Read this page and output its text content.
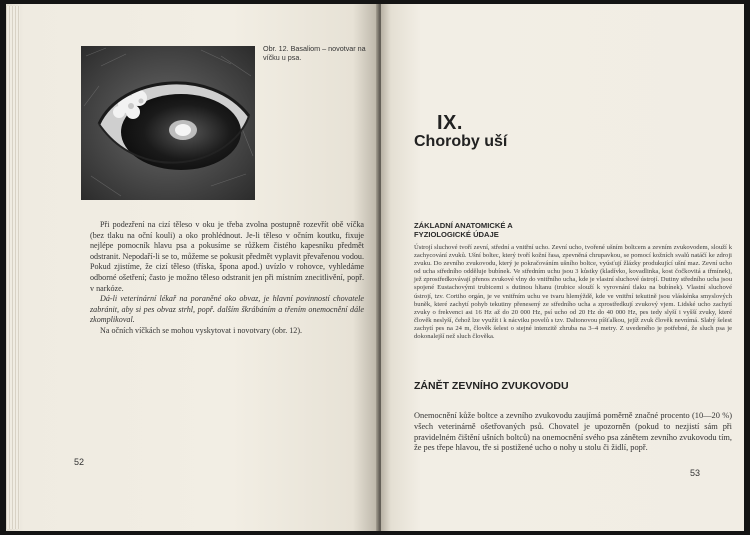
Obr. 12. Basaliom – novotvar na víčku u psa.

Při podezření na cizí těleso v oku je třeba zvolna postupně rozevřít obě víčka (bez tlaku na oční kouli) a oko prohlédnout. Je-li těleso v očním koutku, fixuje nejlépe pomocník hlavu psa a pokusíme se růžkem čistého kapesníku předmět odstranit. Nepodaří-li se to, můžeme se pokusit předmět vyplavit převařenou vodou. Pokud zjistíme, že cizí těleso (tříska, špona apod.) uvízlo v rohovce, vyhledáme odborné ošetření; často je možno těleso odstranit jen při místním znecitlivění, popř. v narkóze.

Dá-li veterinární lékař na poraněné oko obvaz, je hlavní povinností chovatele zabránit, aby si pes obvaz strhl, popř. dalším škrábáním a třením onemocnění dále zkomplikoval.

Na očních víčkách se mohou vyskytovat i novotvary (obr. 12).

52
IX.
Choroby uší
ZÁKLADNÍ ANATOMICKÉ A FYZIOLOGICKÉ ÚDAJE

Ústrojí sluchové tvoří zevní, střední a vnitřní ucho. Zevní ucho, tvořené ušním boltcem a zevním zvukovodem, slouží k zachycování zvuků. Ušní boltec, který tvoří kožní řasa, zpevněná chrupavkou, se pomocí kožních svalů natáčí ke zdroji zvuku. Do zevního zvukovodu, který je pokračováním ušního boltce, vyúsťují žlázky produkující ušní maz. Zevní ucho od ucha středního odděluje bubínek. Ve středním uchu jsou 3 kůstky (kladívko, kovadlinka, kost čočkovitá a třmínek), jež zprostředkovávají přenos zvukové vlny do vnitřního ucha, kde je vlastní sluchové ústrojí. Dutiny středního ucha jsou spojené Eustachovými trubicemi s dutinou hltanu (trubice slouží k vyrovnání tlaku na bubínek). Vlastní sluchové ústrojí, tzv. Cortiho orgán, je ve vnitřním uchu ve tvaru hlemýždě, kde ve vnitřní tekutině jsou vláskénka smyslových buněk, které zachytí pohyb tekutiny přenesený ze středního ucha a zprostředkují zvukový vjem. Lidské ucho zachytí zvuky o frekvenci asi 16 Hz až do 20 000 Hz, psí ucho od 20 Hz do 40 000 Hz, pes tedy slyší i vyšší zvuky, které člověk neslyší, čehož lze využít i k nácviku povelů s tzv. Daltonovou píšťalkou, jejíž zvuk člověk nevnímá. Slabý šelest zachytí pes na 24 m, člověk šelest o stejné intenzitě zhruba na 3–4 metry. Z uvedeného je potřebné, že sluch psa je dokonalejší než sluch člověka.

ZÁNĚT ZEVNÍHO ZVUKOVODU

Onemocnění kůže boltce a zevního zvukovodu zaujímá poměrně značné procento (10—20 %) všech veterinárně ošetřovaných psů. Chovatel je upozorněn (pokud to nezjistí sám při pravidelném čištění ušních boltců) na onemocnění svého psa zánětem zevního zvukovodu tím, že pes třepe hlavou, tře si postižené ucho o nohy u stolu či židlí, popř.

53
